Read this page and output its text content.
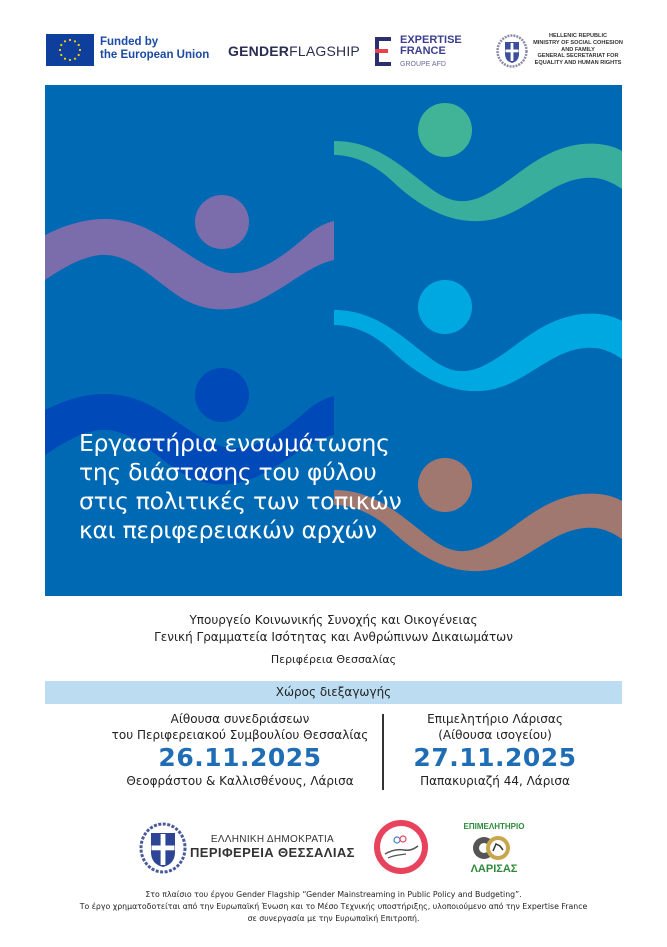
Funded by
the European Union GENDERFLAGSHIP
EXPERTISE
FRANCE
GROUPE AFD
HELLENIC REPUBLIC
MINISTRY OF SOCIAL COHESION
AND FAMILY
GENERAL SECRETARIAT FOR
EQUALITY AND HUMAN RIGHTS
Εργαστήρια ενσωμάτωσης
της διάστασης του φύλου
στις πολιτικές των τοπικών
και περιφερειακών αρχών
Υπουργείο Κοινωνικής Συνοχής και Οικογένειας
Γενική Γραμματεία Ισότητας και Ανθρώπινων Δικαιωμάτων
Περιφέρεια Θεσσαλίας
Χώρος διεξαγωγής
Αίθουσα συνεδριάσεων
του Περιφερειακού Συμβουλίου Θεσσαλίας
26.11.2025
Θεοφράστου & Καλλισθένους, Λάρισα
Επιμελητήριο Λάρισας
(Αίθουσα ισογείου)
27.11.2025
Παπακυριαζή 44, Λάρισα
ΕΛΛΗΝΙΚΗ ΔΗΜΟΚΡΑΤΙΑ
ΠΕΡΙΦΕΡΕΙΑ ΘΕΣΣΑΛΙΑΣ
ΕΠΙΜΕΛΗΤΗΡΙΟ
ΛΑΡΙΣΑΣ
Στο πλαίσιο του έργου Gender Flagship “Gender Mainstreaming in Public Policy and Budgeting”.
Το έργο χρηματοδοτείται από την Ευρωπαϊκή Ένωση και το Μέσο Τεχνικής υποστήριξης, υλοποιούμενο από την Expertise France
σε συνεργασία με την Ευρωπαϊκή Επιτροπή.
